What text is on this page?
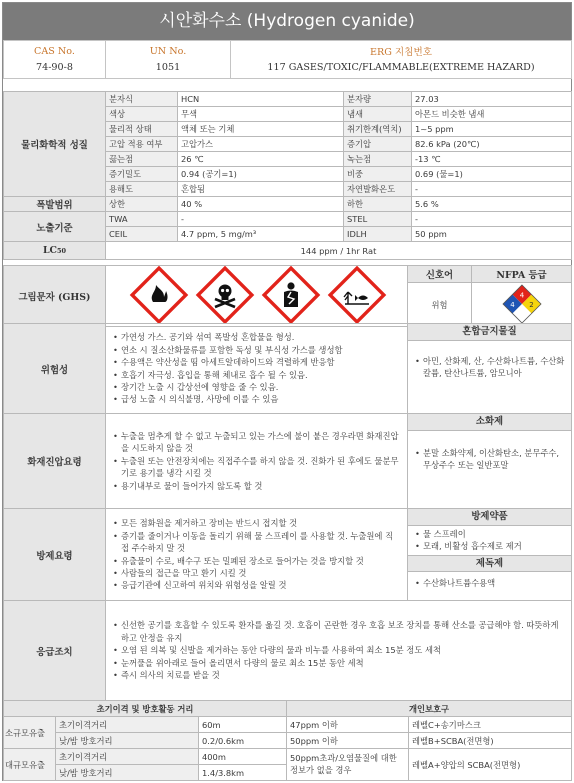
시안화수소 (Hydrogen cyanide)
CAS No.	UN No.	ERG 지침번호
74-90-8	1051	117 GASES/TOXIC/FLAMMABLE(EXTREME HAZARD)
물리화학적 성질	분자식	HCN	분자량	27.03
	색상	무색	냄새	아몬드 비슷한 냄새
	물리적 상태	액체 또는 기체	취기한계(역치)	1~5 ppm
	고압 적용 여부	고압가스	증기압	82.6 kPa (20℃)
	끓는점	26 ℃	녹는점	-13 ℃
	증기밀도	0.94 (공기=1)	비중	0.69 (물=1)
	용해도	혼합됨	자연발화온도	-
폭발범위	상한	40 %	하한	5.6 %
노출기준	TWA	-	STEL	-
	CEIL	4.7 ppm, 5 mg/m³	IDLH	50 ppm
LC50	144 ppm / 1hr Rat			
그림문자 (GHS)		신호어	NFPA 등급
		위험	4
4 2
위험성	
• 가연성 가스. 공기와 섞여 폭발성 혼합물을 형성.
• 연소 시 질소산화물류를 포함한 독성 및 부식성 가스를 생성함
• 수용액은 약산성을 띰 아세트알데하이드와 격렬하게 반응함
• 호흡기 자극성. 흡입을 통해 체내로 흡수 될 수 있음.
• 장기간 노출 시 갑상선에 영향을 줄 수 있음.
• 급성 노출 시 의식불명, 사망에 이를 수 있음

혼합금지물질
• 아민, 산화제, 산, 수산화나트륨, 수산화칼륨, 탄산나트륨, 암모니아
화재진압요령	
• 누출을 멈추게 할 수 없고 누출되고 있는 가스에 불이 붙은 경우라면 화재진압을 시도하지 않을 것
• 누출원 또는 안전장치에는 직접주수를 하지 않을 것. 진화가 된 후에도 물분무기로 용기를 냉각 시킬 것
• 용기내부로 물이 들어가지 않도록 할 것

소화제
• 분말 소화약제, 이산화탄소, 분무주수, 무상주수 또는 일반포말
방제요령	
• 모든 점화원을 제거하고 장비는 반드시 접지할 것
• 증기를 줄이거나 이동을 돌리기 위해 물 스프레이 를 사용할 것. 누출원에 직접 주수하지 말 것
• 유출물이 수로, 배수구 또는 밀폐된 장소로 들어가는 것을 방지할 것
• 사람들의 접근을 막고 환기 시킬 것
• 응급기관에 신고하여 위치와 위험성을 알릴 것

방제약품
• 물 스프레이
• 모래, 비활성 흡수제로 제거
제독제
• 수산화나트륨수용액
응급조치	
• 신선한 공기를 호흡할 수 있도록 환자를 옮길 것. 호흡이 곤란한 경우 호흡 보조 장치를 통해 산소를 공급해야 함. 따뜻하게 하고 안정을 유지
• 오염 된 의복 및 신발을 제거하는 동안 다량의 물과 비누를 사용하여 최소 15분 정도 세척
• 눈꺼풀을 위아래로 들어 올리면서 다량의 물로 최소 15분 동안 세척
• 즉시 의사의 치료를 받을 것
초기이격 및 방호활동 거리			개인보호구	
소규모유출	초기이격거리	60m	47ppm 이하	레벨C+송기마스크
	낮/밤 방호거리	0.2/0.6km	50ppm 이하	레벨B+SCBA(전면형)
대규모유출	초기이격거리	400m	50ppm초과/오염물질에 대한 정보가 없을 경우	레벨A+양압의 SCBA(전면형)
	낮/밤 방호거리	1.4/3.8km		
